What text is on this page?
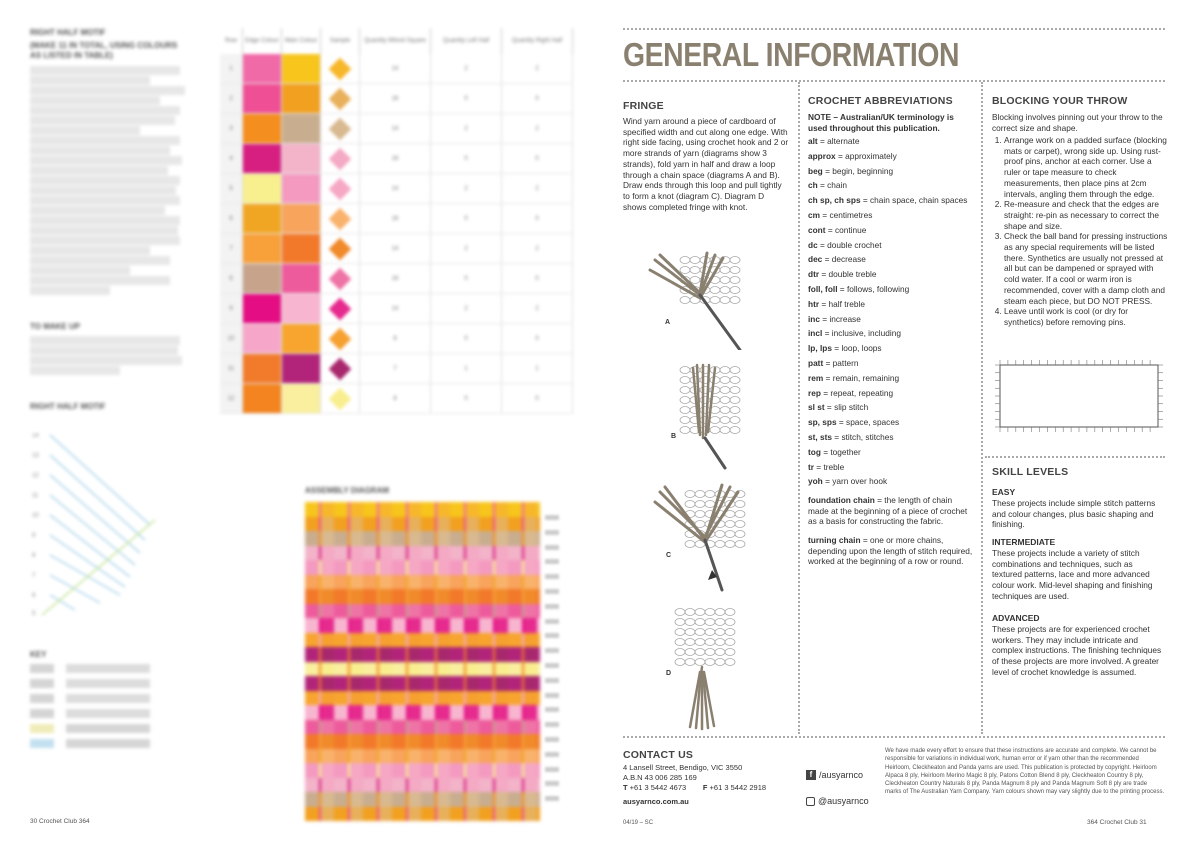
RIGHT HALF MOTIF
(MAKE 11 IN TOTAL, USING COLOURS AS LISTED IN TABLE)
TO MAKE UP
RIGHT HALF MOTIF
14
13
12
11
10
9
8
7
6
5
KEY
Row	Edge Colour	Main Colour	Sample	Quantity Mitred Square	Quantity Left Half	Quantity Right Half
1				14	2	2
2				16	0	0
3				14	2	2
4				16	0	0
5				14	2	2
6				16	0	0
7				14	2	2
8				16	0	0
9				14	2	2
10				8	0	0
11				7	1	1
12				8	0	0
ASSEMBLY DIAGRAM
30 Crochet Club 364
GENERAL INFORMATION
FRINGE
Wind yarn around a piece of cardboard of specified width and cut along one edge. With right side facing, using crochet hook and 2 or more strands of yarn (diagrams show 3 strands), fold yarn in half and draw a loop through a chain space (diagrams A and B). Draw ends through this loop and pull tightly to form a knot (diagram C). Diagram D shows completed fringe with knot.
A
B
C
D
CROCHET ABBREVIATIONS
NOTE – Australian/UK terminology is used throughout this publication.
alt = alternate
approx = approximately
beg = begin, beginning
ch = chain
ch sp, ch sps = chain space, chain spaces
cm = centimetres
cont = continue
dc = double crochet
dec = decrease
dtr = double treble
foll, foll = follows, following
htr = half treble
inc = increase
incl = inclusive, including
lp, lps = loop, loops
patt = pattern
rem = remain, remaining
rep = repeat, repeating
sl st = slip stitch
sp, sps = space, spaces
st, sts = stitch, stitches
tog = together
tr = treble
yoh = yarn over hook
foundation chain = the length of chain made at the beginning of a piece of crochet as a basis for constructing the fabric.
turning chain = one or more chains, depending upon the length of stitch required, worked at the beginning of a row or round.
BLOCKING YOUR THROW
Blocking involves pinning out your throw to the correct size and shape.
1. Arrange work on a padded surface (blocking mats or carpet), wrong side up. Using rust-proof pins, anchor at each corner. Use a ruler or tape measure to check measurements, then place pins at 2cm intervals, angling them through the edge.
2. Re-measure and check that the edges are straight: re-pin as necessary to correct the shape and size.
3. Check the ball band for pressing instructions as any special requirements will be listed there. Synthetics are usually not pressed at all but can be dampened or sprayed with cold water. If a cool or warm iron is recommended, cover with a damp cloth and steam each piece, but DO NOT PRESS.
4. Leave until work is cool (or dry for synthetics) before removing pins.
SKILL LEVELS
EASY
These projects include simple stitch patterns and colour changes, plus basic shaping and finishing.
INTERMEDIATE
These projects include a variety of stitch combinations and techniques, such as textured patterns, lace and more advanced colour work. Mid-level shaping and finishing techniques are used.
ADVANCED
These projects are for experienced crochet workers. They may include intricate and complex instructions. The finishing techniques of these projects are more involved. A greater level of crochet knowledge is assumed.
CONTACT US
4 Lansell Street, Bendigo, VIC 3550
A.B.N 43 006 285 169
T +61 3 5442 4673 F +61 3 5442 2918
ausyarnco.com.au
f /ausyarnco
@ausyarnco
We have made every effort to ensure that these instructions are accurate and complete. We cannot be responsible for variations in individual work, human error or if yarn other than the recommended Heirloom, Cleckheaton and Panda yarns are used. This publication is protected by copyright. Heirloom Alpaca 8 ply, Heirloom Merino Magic 8 ply, Patons Cotton Blend 8 ply, Cleckheaton Country 8 ply, Cleckheaton Country Naturals 8 ply, Panda Magnum 8 ply and Panda Magnum Soft 8 ply are trade marks of The Australian Yarn Company. Yarn colours shown may vary slightly due to the printing process.
04/19 – SC	364 Crochet Club 31
